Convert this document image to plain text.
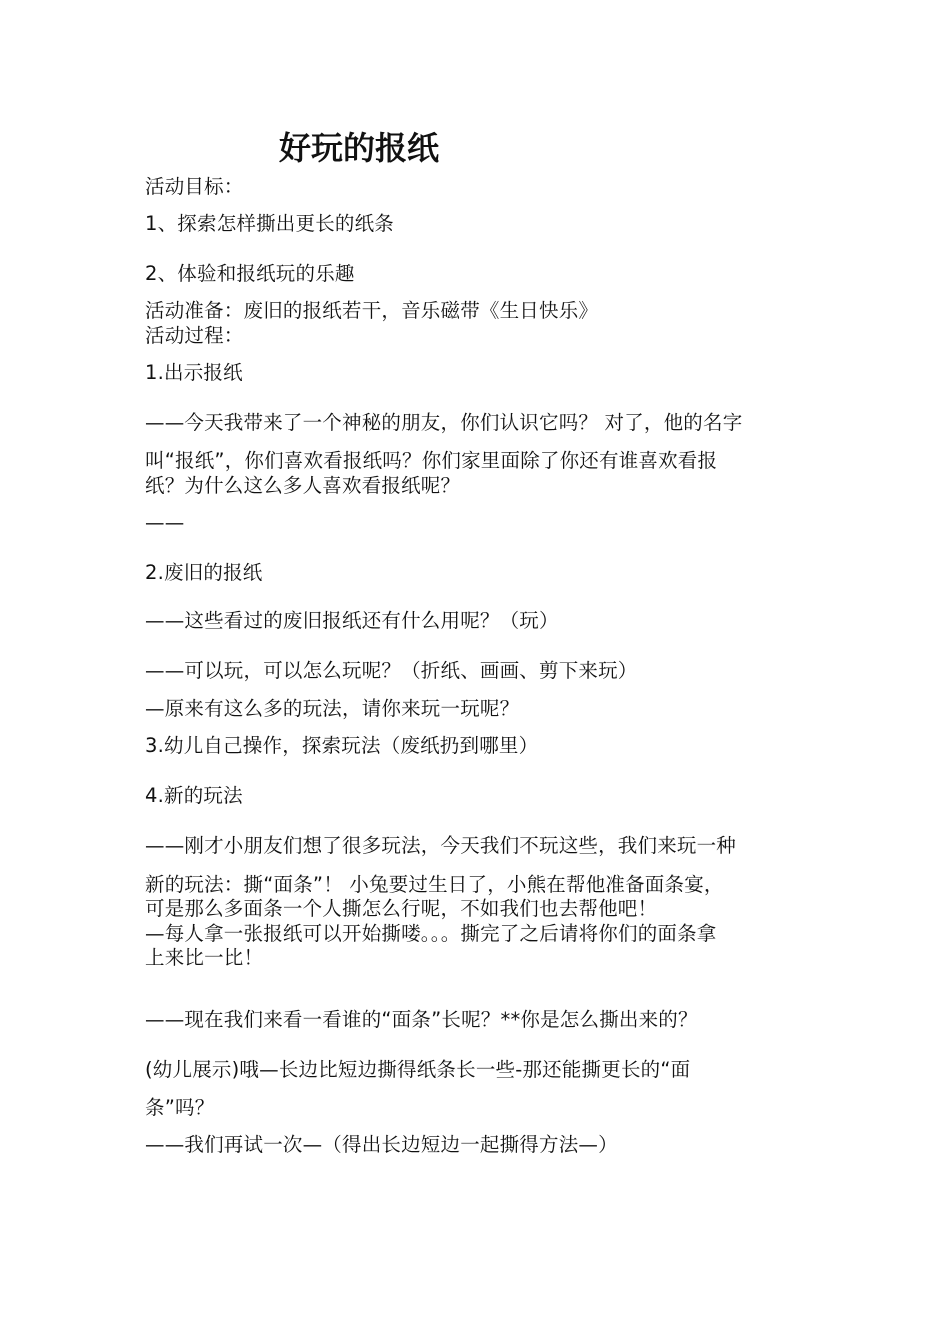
好玩的报纸
活动目标：
1、探索怎样撕出更长的纸条
2、体验和报纸玩的乐趣
活动准备：废旧的报纸若干，音乐磁带《生日快乐》
活动过程：
1.出示报纸
——今天我带来了一个神秘的朋友，你们认识它吗？ 对了，他的名字
叫“报纸”，你们喜欢看报纸吗？你们家里面除了你还有谁喜欢看报
纸？为什么这么多人喜欢看报纸呢？
——
2.废旧的报纸
——这些看过的废旧报纸还有什么用呢？（玩）
——可以玩，可以怎么玩呢？（折纸、画画、剪下来玩）
—原来有这么多的玩法，请你来玩一玩呢？
3.幼儿自己操作，探索玩法（废纸扔到哪里）
4.新的玩法
——刚才小朋友们想了很多玩法，今天我们不玩这些，我们来玩一种
新的玩法：撕“面条”！ 小兔要过生日了，小熊在帮他准备面条宴，
可是那么多面条一个人撕怎么行呢，不如我们也去帮他吧！
—每人拿一张报纸可以开始撕喽。。。撕完了之后请将你们的面条拿
上来比一比！
——现在我们来看一看谁的“面条”长呢？**你是怎么撕出来的？
(幼儿展示)哦—长边比短边撕得纸条长一些-那还能撕更长的“面
条”吗？
——我们再试一次—（得出长边短边一起撕得方法—）
